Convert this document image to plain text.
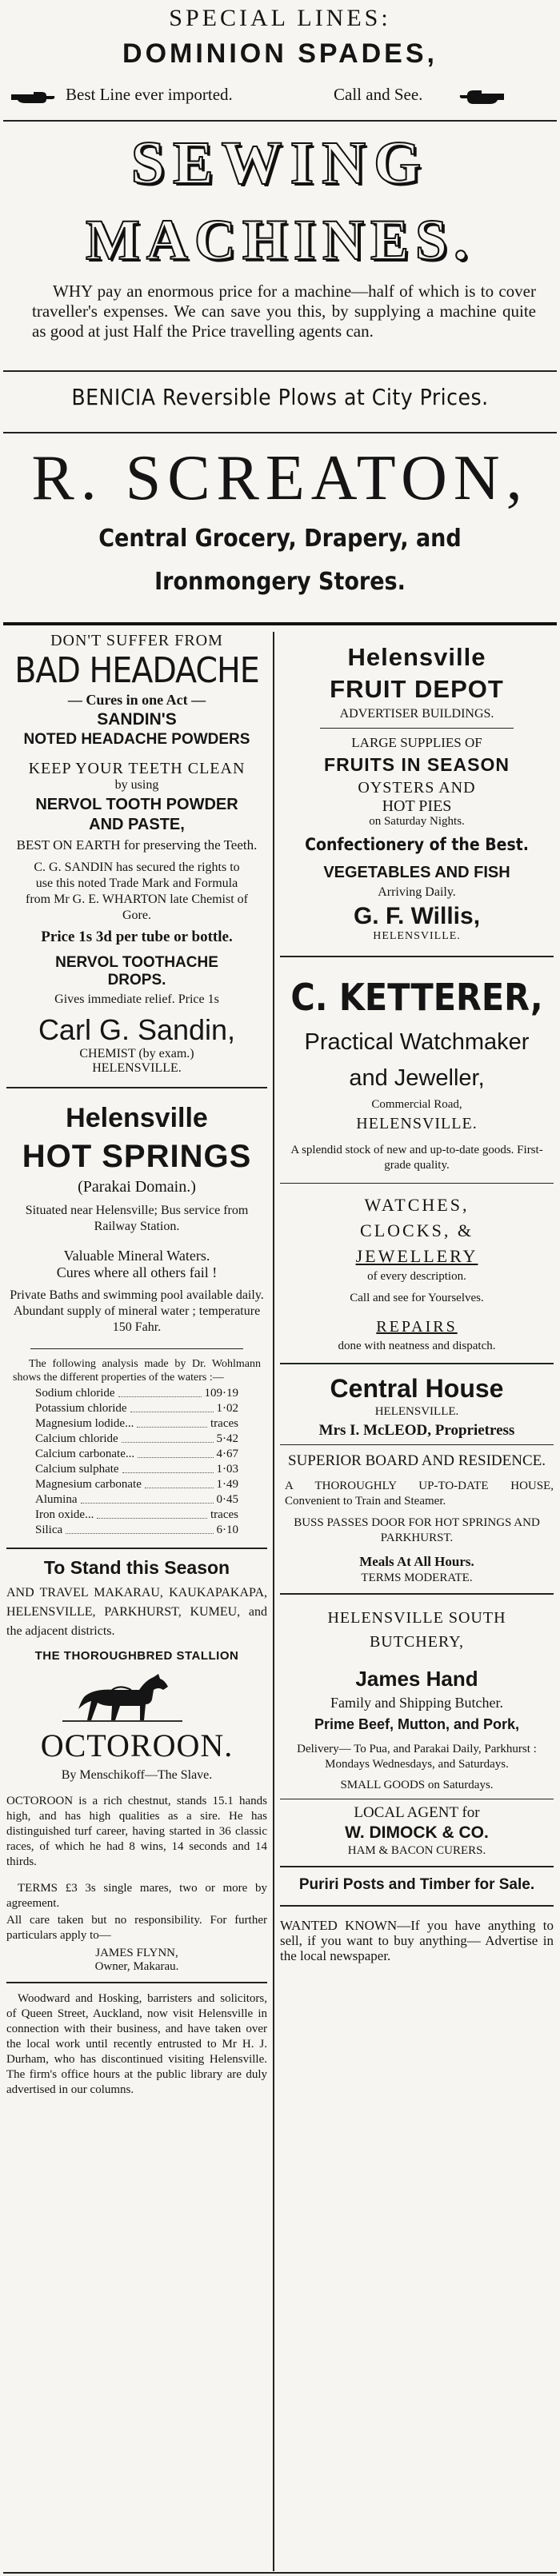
SPECIAL LINES:
DOMINION SPADES,
Best Line ever imported.	Call and See.
SEWING
MACHINES.
WHY pay an enormous price for a machine—half of which is to cover traveller's expenses. We can save you this, by supplying a machine quite as good at just Half the Price travelling agents can.
BENICIA Reversible Plows at City Prices.
R. SCREATON,
Central Grocery, Drapery, and
Ironmongery Stores.
DON'T SUFFER FROM
BAD HEADACHE
— Cures in one Act —
SANDIN'S
NOTED HEADACHE POWDERS
KEEP YOUR TEETH CLEAN
by using
NERVOL TOOTH POWDER
AND PASTE,
BEST ON EARTH for preserving the Teeth.
C. G. SANDIN has secured the rights to use this noted Trade Mark and Formula from Mr G. E. WHARTON late Chemist of Gore.
Price 1s 3d per tube or bottle.
NERVOL TOOTHACHE DROPS.
Gives immediate relief. Price 1s
Carl G. Sandin,
CHEMIST (by exam.)
HELENSVILLE.
Helensville
HOT SPRINGS
(Parakai Domain.)
Situated near Helensville; Bus service from Railway Station.
Valuable Mineral Waters.
Cures where all others fail !
Private Baths and swimming pool available daily. Abundant supply of mineral water ; temperature 150 Fahr.
The following analysis made by Dr. Wohlmann shows the different properties of the waters :—
Sodium chloride	109·19
Potassium chloride	1·02
Magnesium lodide...	traces
Calcium chloride	5·42
Calcium carbonate...	4·67
Calcium sulphate	1·03
Magnesium carbonate	1·49
Alumina	0·45
Iron oxide...	traces
Silica	6·10
To Stand this Season
AND TRAVEL MAKARAU, KAUKAPAKAPA, HELENSVILLE, PARKHURST, KUMEU, and the adjacent districts.
THE THOROUGHBRED STALLION
OCTOROON.
By Menschikoff—The Slave.
OCTOROON is a rich chestnut, stands 15.1 hands high, and has high qualities as a sire. He has distinguished turf career, having started in 36 classic races, of which he had 8 wins, 14 seconds and 14 thirds.
TERMS £3 3s single mares, two or more by agreement.
All care taken but no responsibility. For further particulars apply to—
JAMES FLYNN,
Owner, Makarau.
Woodward and Hosking, barristers and solicitors, of Queen Street, Auckland, now visit Helensville in connection with their business, and have taken over the local work until recently entrusted to Mr H. J. Durham, who has discontinued visiting Helensville. The firm's office hours at the public library are duly advertised in our columns.
Helensville
FRUIT DEPOT
ADVERTISER BUILDINGS.
LARGE SUPPLIES OF
FRUITS IN SEASON
OYSTERS AND
HOT PIES
on Saturday Nights.
Confectionery of the Best.
VEGETABLES AND FISH
Arriving Daily.
G. F. Willis,
HELENSVILLE.
C. KETTERER,
Practical Watchmaker
and Jeweller,
Commercial Road,
HELENSVILLE.
A splendid stock of new and up-to-date goods. First-grade quality.
WATCHES,
CLOCKS, &
JEWELLERY
of every description.
Call and see for Yourselves.
REPAIRS
done with neatness and dispatch.
Central House
HELENSVILLE.
Mrs I. McLEOD, Proprietress
SUPERIOR BOARD AND RESIDENCE.
A THOROUGHLY UP-TO-DATE HOUSE, Convenient to Train and Steamer.
BUSS PASSES DOOR FOR HOT SPRINGS AND PARKHURST.
Meals At All Hours.
TERMS MODERATE.
HELENSVILLE SOUTH BUTCHERY,
James Hand
Family and Shipping Butcher.
Prime Beef, Mutton, and Pork,
Delivery— To Pua, and Parakai Daily, Parkhurst : Mondays Wednesdays, and Saturdays.
SMALL GOODS on Saturdays.
LOCAL AGENT for
W. DIMOCK & CO.
HAM & BACON CURERS.
Puriri Posts and Timber for Sale.
WANTED KNOWN—If you have anything to sell, if you want to buy anything— Advertise in the local newspaper.
